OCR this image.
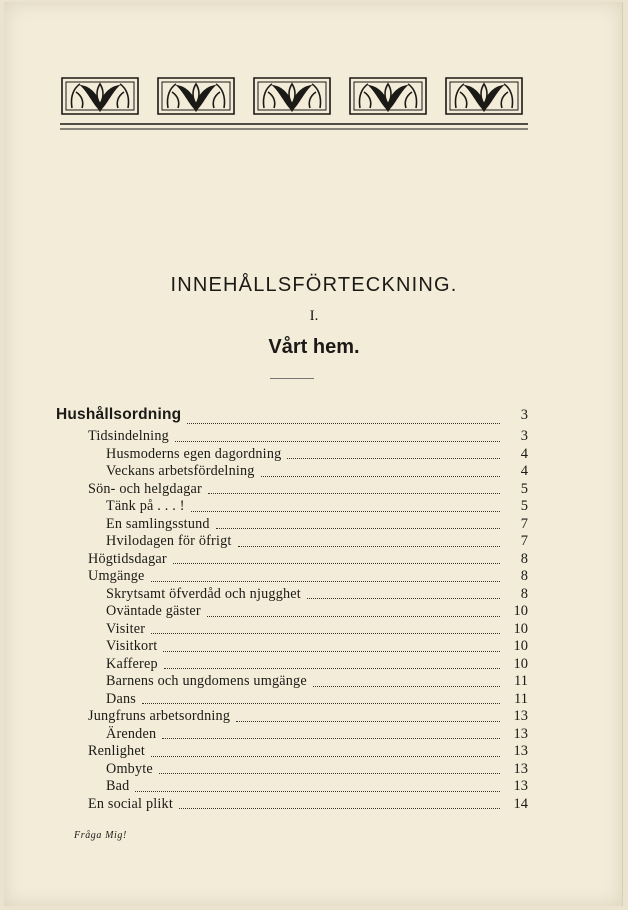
INNEHÅLLSFÖRTECKNING.
I.
Vårt hem.
Hushållsordning	3
Tidsindelning	3
Husmoderns egen dagordning	4
Veckans arbetsfördelning	4
Sön- och helgdagar	5
Tänk på . . . !	5
En samlingsstund	7
Hvilodagen för öfrigt	7
Högtidsdagar	8
Umgänge	8
Skrytsamt öfverdåd och njugghet	8
Oväntade gäster	10
Visiter	10
Visitkort	10
Kafferep	10
Barnens och ungdomens umgänge	11
Dans	11
Jungfruns arbetsordning	13
Ärenden	13
Renlighet	13
Ombyte	13
Bad	13
En social plikt	14
Fråga Mig!
